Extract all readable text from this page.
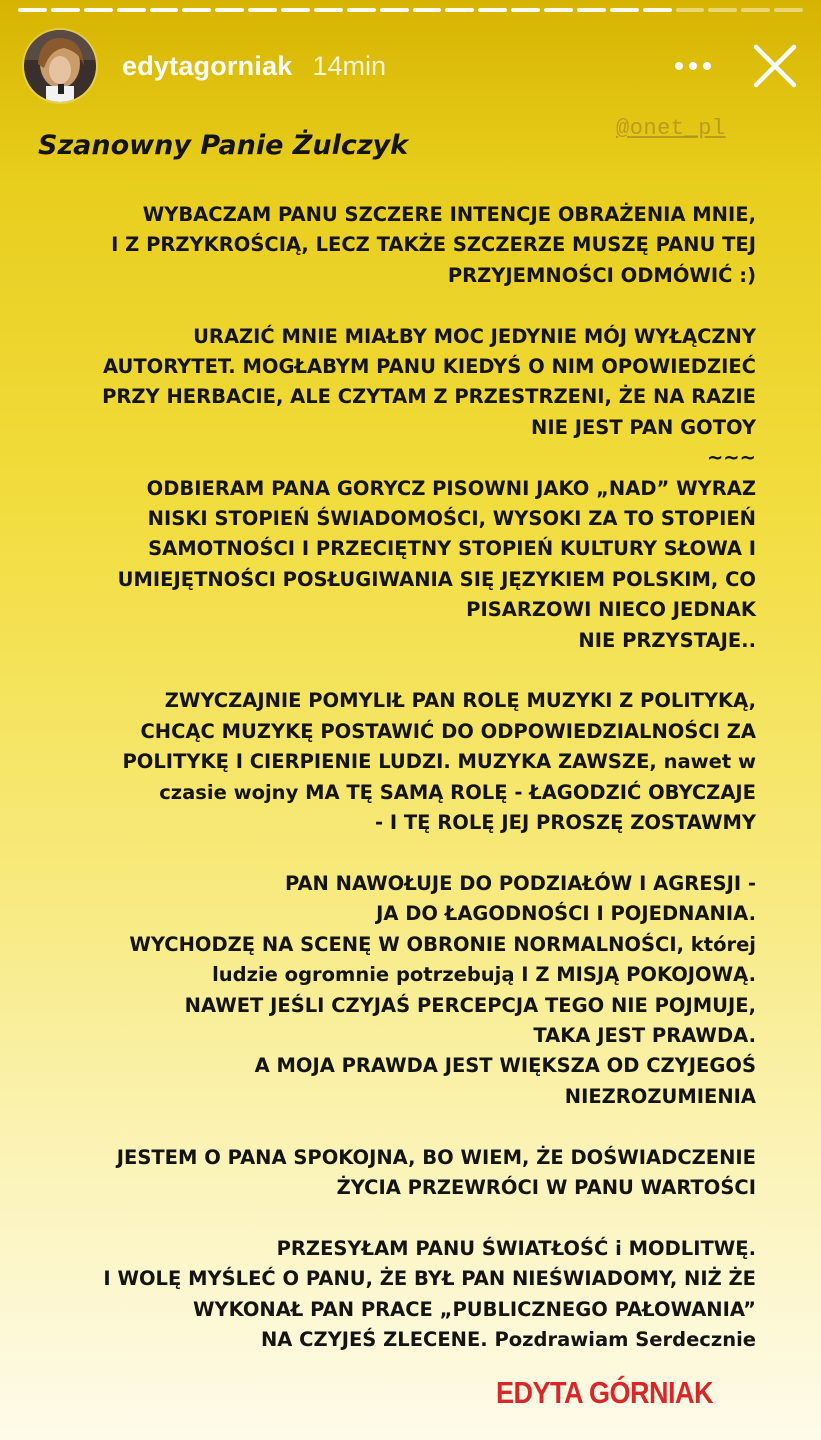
edytagorniak 14min
@onet_pl
Szanowny Panie Żulczyk
WYBACZAM PANU SZCZERE INTENCJE OBRAŻENIA MNIE,
I Z PRZYKROŚCIĄ, LECZ TAKŻE SZCZERZE MUSZĘ PANU TEJ
PRZYJEMNOŚCI ODMÓWIĆ :)
URAZIĆ MNIE MIAŁBY MOC JEDYNIE MÓJ WYŁĄCZNY
AUTORYTET. MOGŁABYM PANU KIEDYŚ O NIM OPOWIEDZIEĆ
PRZY HERBACIE, ALE CZYTAM Z PRZESTRZENI, ŻE NA RAZIE
NIE JEST PAN GOTOY
~~~
ODBIERAM PANA GORYCZ PISOWNI JAKO „NAD” WYRAZ
NISKI STOPIEŃ ŚWIADOMOŚCI, WYSOKI ZA TO STOPIEŃ
SAMOTNOŚCI I PRZECIĘTNY STOPIEŃ KULTURY SŁOWA I
UMIEJĘTNOŚCI POSŁUGIWANIA SIĘ JĘZYKIEM POLSKIM, CO
PISARZOWI NIECO JEDNAK
NIE PRZYSTAJE..
ZWYCZAJNIE POMYLIŁ PAN ROLĘ MUZYKI Z POLITYKĄ,
CHCĄC MUZYKĘ POSTAWIĆ DO ODPOWIEDZIALNOŚCI ZA
POLITYKĘ I CIERPIENIE LUDZI. MUZYKA ZAWSZE, nawet w
czasie wojny MA TĘ SAMĄ ROLĘ - ŁAGODZIĆ OBYCZAJE
- I TĘ ROLĘ JEJ PROSZĘ ZOSTAWMY
PAN NAWOŁUJE DO PODZIAŁÓW I AGRESJI -
JA DO ŁAGODNOŚCI I POJEDNANIA.
WYCHODZĘ NA SCENĘ W OBRONIE NORMALNOŚCI, której
ludzie ogromnie potrzebują I Z MISJĄ POKOJOWĄ.
NAWET JEŚLI CZYJAŚ PERCEPCJA TEGO NIE POJMUJE,
TAKA JEST PRAWDA.
A MOJA PRAWDA JEST WIĘKSZA OD CZYJEGOŚ
NIEZROZUMIENIA
JESTEM O PANA SPOKOJNA, BO WIEM, ŻE DOŚWIADCZENIE
ŻYCIA PRZEWRÓCI W PANU WARTOŚCI
PRZESYŁAM PANU ŚWIATŁOŚĆ i MODLITWĘ.
I WOLĘ MYŚLEĆ O PANU, ŻE BYŁ PAN NIEŚWIADOMY, NIŻ ŻE
WYKONAŁ PAN PRACE „PUBLICZNEGO PAŁOWANIA”
NA CZYJEŚ ZLECENE. Pozdrawiam Serdecznie
EDYTA GÓRNIAK
